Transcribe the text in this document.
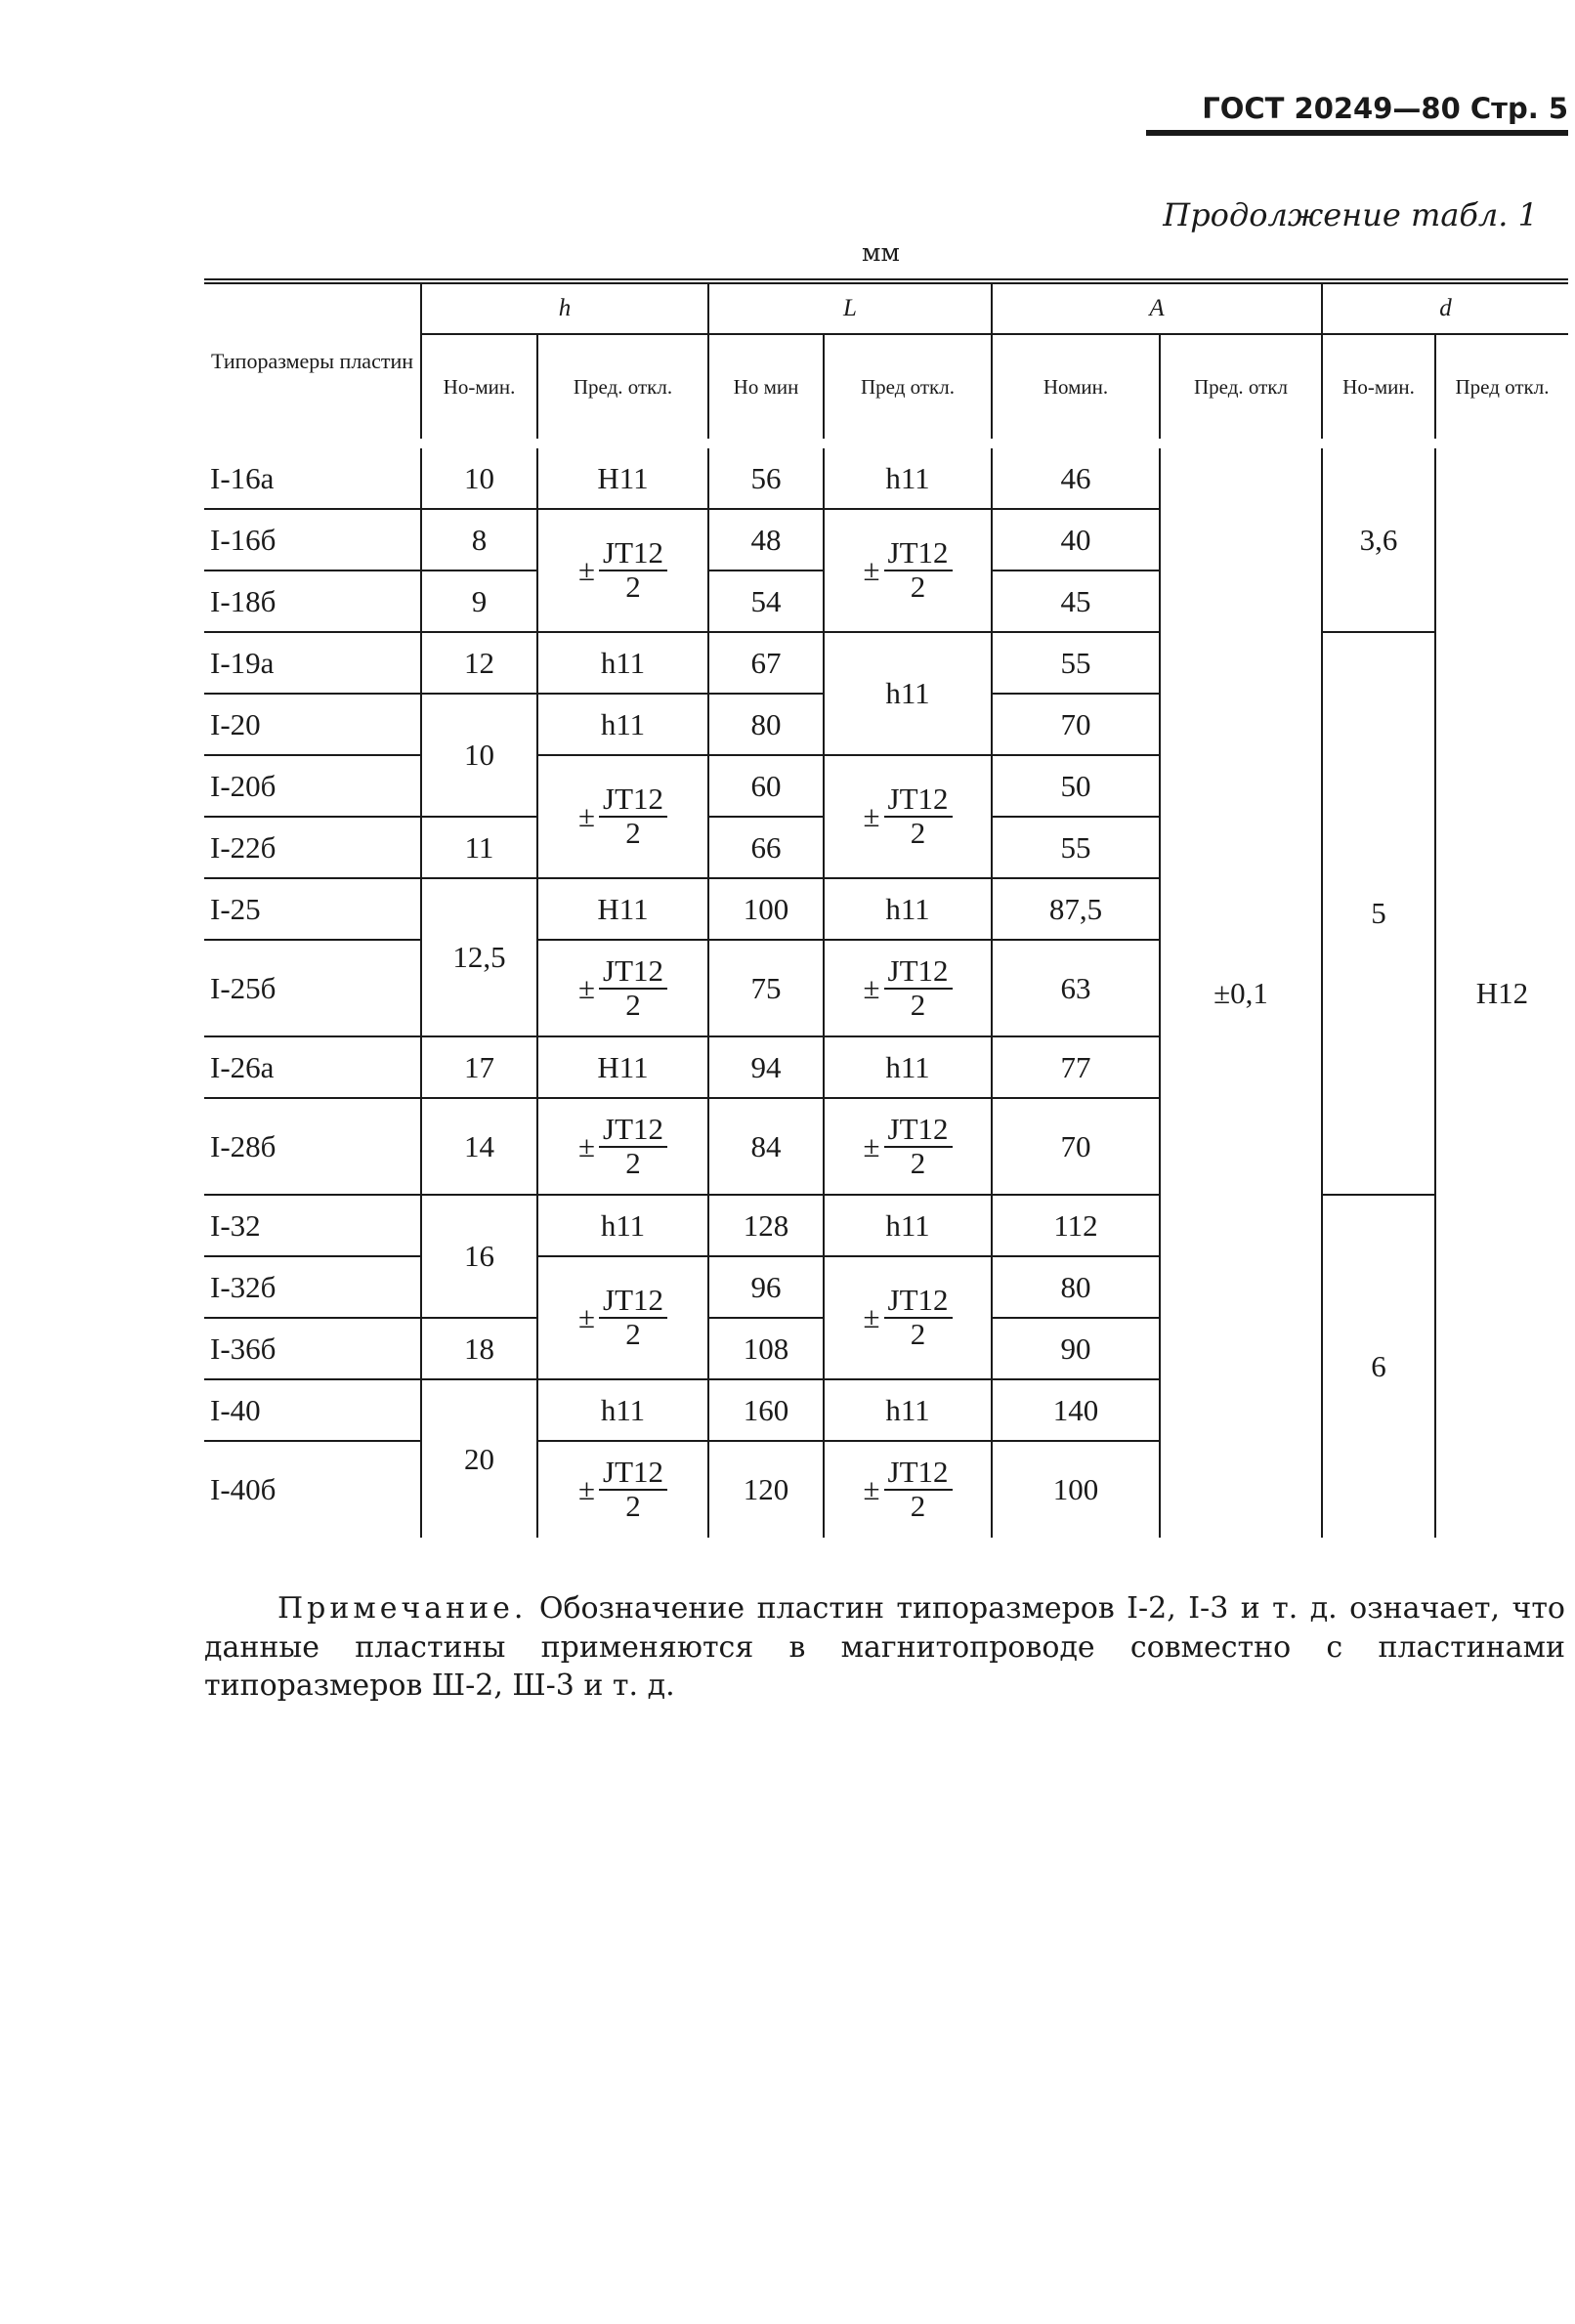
ГОСТ 20249—80 Стр. 5
Продолжение табл. 1
мм
Типоразмеры пластин	h		L		A		d	
	Но-мин.	Пред. откл.	Но мин	Пред откл.	Номин.	Пред. откл	Но-мин.	Пред откл.
I-16а	10	H11	56	h11	46	±0,1	3,6	H12
I-16б	8	± $\frac{JT12}{2}$	48	± $\frac{JT12}{2}$	40			
I-18б	9		54		45			
I-19а	12	h11	67	h11	55		5	
I-20	10	h11	80		70			
I-20б		± $\frac{JT12}{2}$	60	± $\frac{JT12}{2}$	50			
I-22б	11		66		55			
I-25	12,5	H11	100	h11	87,5			
I-25б		± $\frac{JT12}{2}$	75	± $\frac{JT12}{2}$	63			
I-26а	17	H11	94	h11	77			
I-28б	14	± $\frac{JT12}{2}$	84	± $\frac{JT12}{2}$	70			
I-32	16	h11	128	h11	112		6	
I-32б		± $\frac{JT12}{2}$	96	± $\frac{JT12}{2}$	80			
I-36б	18		108		90			
I-40	20	h11	160	h11	140			
I-40б		± $\frac{JT12}{2}$	120	± $\frac{JT12}{2}$	100			
Примечание. Обозначение пластин типоразмеров I-2, I-3 и т. д. означает, что данные пластины применяются в магнитопроводе совместно с пластинами типоразмеров Ш-2, Ш-3 и т. д.
